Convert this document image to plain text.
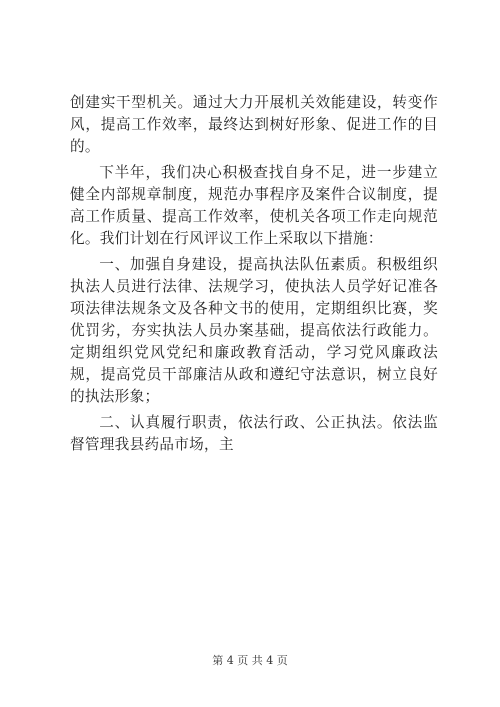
创建实干型机关。通过大力开展机关效能建设，转变作风，提高工作效率，最终达到树好形象、促进工作的目的。

下半年，我们决心积极查找自身不足，进一步建立健全内部规章制度，规范办事程序及案件合议制度，提高工作质量、提高工作效率，使机关各项工作走向规范化。我们计划在行风评议工作上采取以下措施：

一、加强自身建设，提高执法队伍素质。积极组织执法人员进行法律、法规学习，使执法人员学好记准各项法律法规条文及各种文书的使用，定期组织比赛，奖优罚劣，夯实执法人员办案基础，提高依法行政能力。定期组织党风党纪和廉政教育活动，学习党风廉政法规，提高党员干部廉洁从政和遵纪守法意识，树立良好的执法形象；

二、认真履行职责，依法行政、公正执法。依法监督管理我县药品市场，主

第 4 页 共 4 页
